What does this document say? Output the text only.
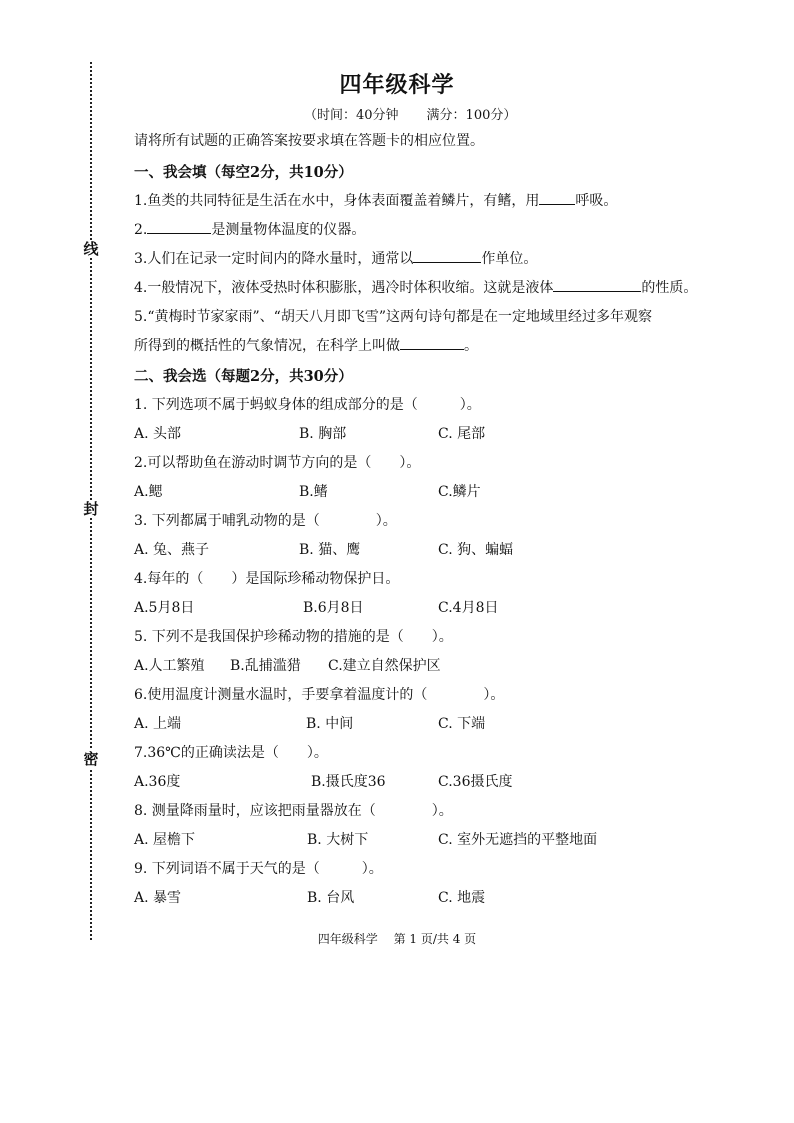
线
封
密
四年级科学
（时间：40分钟 满分：100分）
请将所有试题的正确答案按要求填在答题卡的相应位置。
一、我会填（每空2分，共10分）
1.鱼类的共同特征是生活在水中，身体表面覆盖着鳞片，有鳍，用	呼吸。
2.	是测量物体温度的仪器。
3.人们在记录一定时间内的降水量时，通常以	作单位。
4.一般情况下，液体受热时体积膨胀，遇冷时体积收缩。这就是液体	的性质。
5.“黄梅时节家家雨”、“胡天八月即飞雪”这两句诗句都是在一定地域里经过多年观察
所得到的概括性的气象情况，在科学上叫做	。
二、我会选（每题2分，共30分）
1. 下列选项不属于蚂蚁身体的组成部分的是（　　　）。
A. 头部	B. 胸部	C. 尾部
2.可以帮助鱼在游动时调节方向的是（　　）。
A.鳃	B.鳍	C.鳞片
3. 下列都属于哺乳动物的是（　　　　）。
A. 兔、燕子	B. 猫、鹰	C. 狗、蝙蝠
4.每年的（　　）是国际珍稀动物保护日。
A.5月8日	B.6月8日	C.4月8日
5. 下列不是我国保护珍稀动物的措施的是（　　）。
A.人工繁殖 B.乱捕滥猎 C.建立自然保护区
6.使用温度计测量水温时，手要拿着温度计的（　　　　）。
A. 上端	B. 中间	C. 下端
7.36℃的正确读法是（　　）。
A.36度	B.摄氏度36	C.36摄氏度
8. 测量降雨量时，应该把雨量器放在（　　　　）。
A. 屋檐下	B. 大树下	C. 室外无遮挡的平整地面
9. 下列词语不属于天气的是（　　　）。
A. 暴雪	B. 台风	C. 地震
四年级科学　 第 1 页/共 4 页
